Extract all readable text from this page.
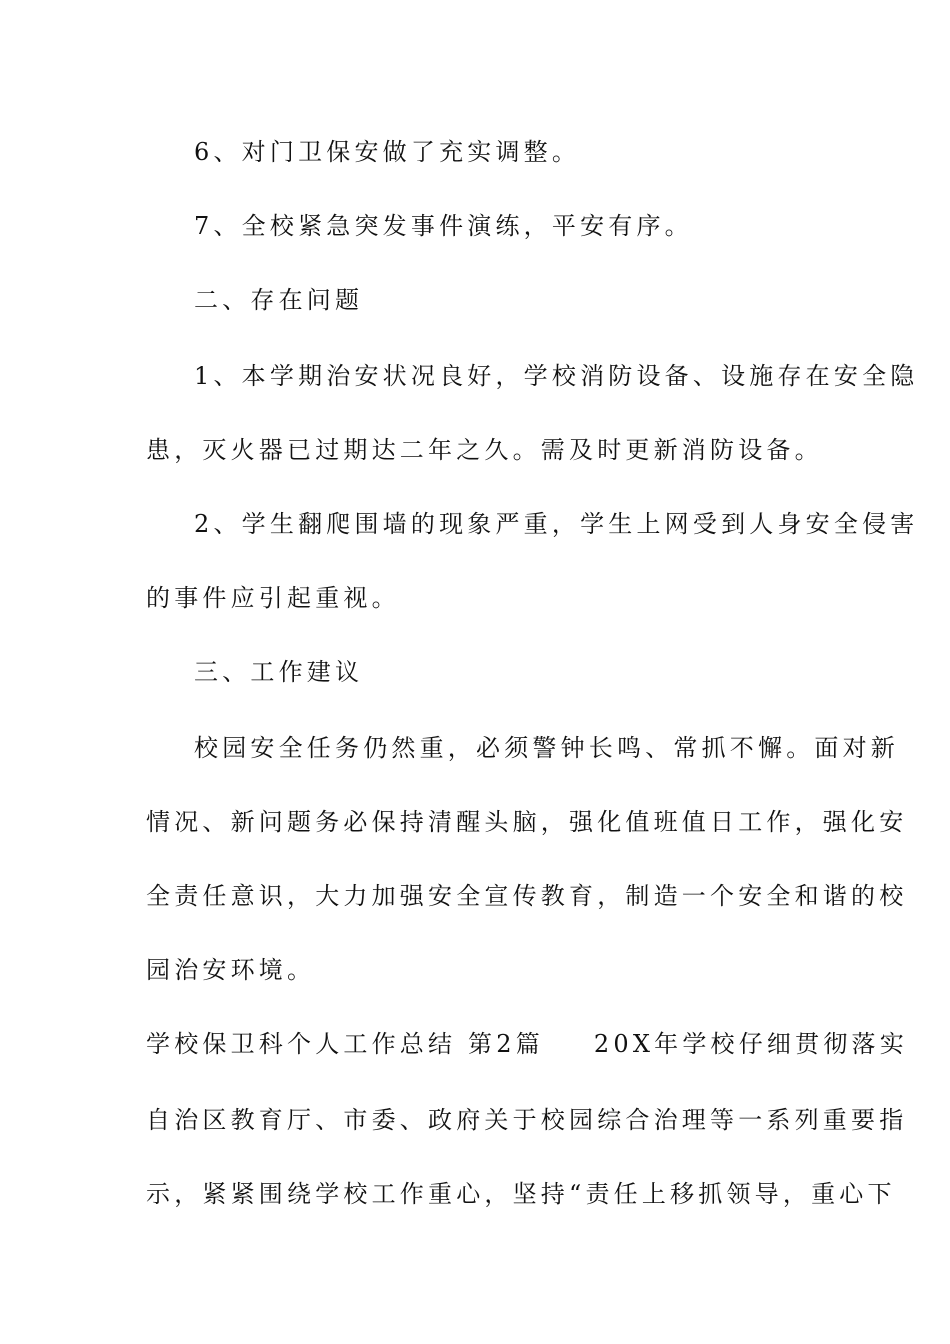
6、对门卫保安做了充实调整。
7、全校紧急突发事件演练，平安有序。
二、存在问题
1、本学期治安状况良好，学校消防设备、设施存在安全隐
患，灭火器已过期达二年之久。需及时更新消防设备。
2、学生翻爬围墙的现象严重，学生上网受到人身安全侵害
的事件应引起重视。
三、工作建议
校园安全任务仍然重，必须警钟长鸣、常抓不懈。面对新
情况、新问题务必保持清醒头脑，强化值班值日工作，强化安
全责任意识，大力加强安全宣传教育，制造一个安全和谐的校
园治安环境。
学校保卫科个人工作总结 第2篇 20X年学校仔细贯彻落实
自治区教育厅、市委、政府关于校园综合治理等一系列重要指
示，紧紧围绕学校工作重心，坚持“责任上移抓领导，重心下
